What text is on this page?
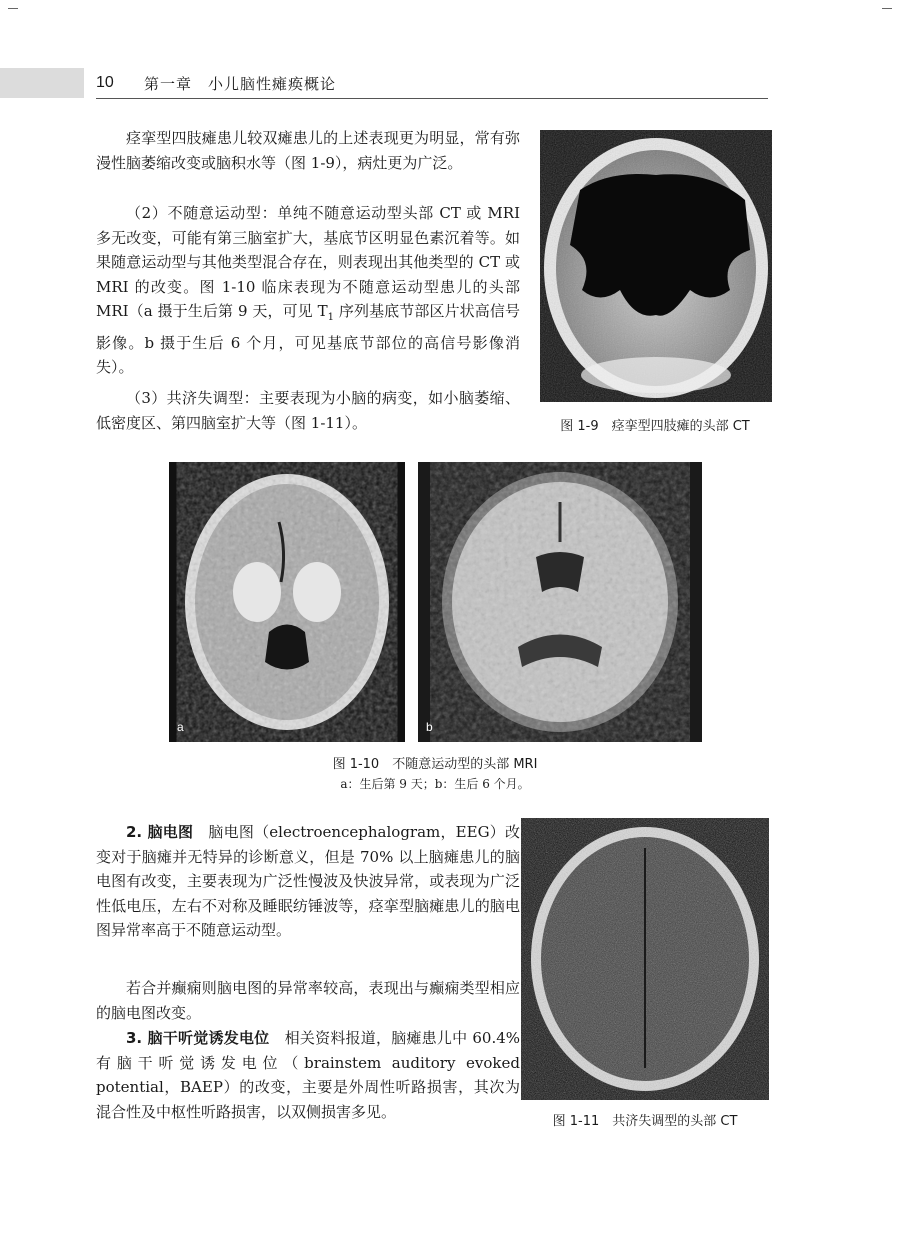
10 第一章　小儿脑性瘫痪概论

痉挛型四肢瘫患儿较双瘫患儿的上述表现更为明显，常有弥漫性脑萎缩改变或脑积水等（图 1-9），病灶更为广泛。

（2）不随意运动型：单纯不随意运动型头部 CT 或 MRI 多无改变，可能有第三脑室扩大，基底节区明显色素沉着等。如果随意运动型与其他类型混合存在，则表现出其他类型的 CT 或 MRI 的改变。图 1-10 临床表现为不随意运动型患儿的头部 MRI（a 摄于生后第 9 天，可见 $T_1$ 序列基底节部区片状高信号影像。b 摄于生后 6 个月，可见基底节部位的高信号影像消失）。

（3）共济失调型：主要表现为小脑的病变，如小脑萎缩、低密度区、第四脑室扩大等（图 1-11）。	图 1-9　痉挛型四肢瘫的头部 CT
a	b
图 1-10　不随意运动型的头部 MRI
a：生后第 9 天；b：生后 6 个月。

2. 脑电图　脑电图（electroencephalogram，EEG）改变对于脑瘫并无特异的诊断意义，但是 70% 以上脑瘫患儿的脑电图有改变，主要表现为广泛性慢波及快波异常，或表现为广泛性低电压，左右不对称及睡眠纺锤波等，痉挛型脑瘫患儿的脑电图异常率高于不随意运动型。

若合并癫痫则脑电图的异常率较高，表现出与癫痫类型相应的脑电图改变。

3. 脑干听觉诱发电位　相关资料报道，脑瘫患儿中 60.4% 有脑干听觉诱发电位（brainstem auditory evoked potential，BAEP）的改变，主要是外周性听路损害，其次为混合性及中枢性听路损害，以双侧损害多见。

图 1-11　共济失调型的头部 CT
